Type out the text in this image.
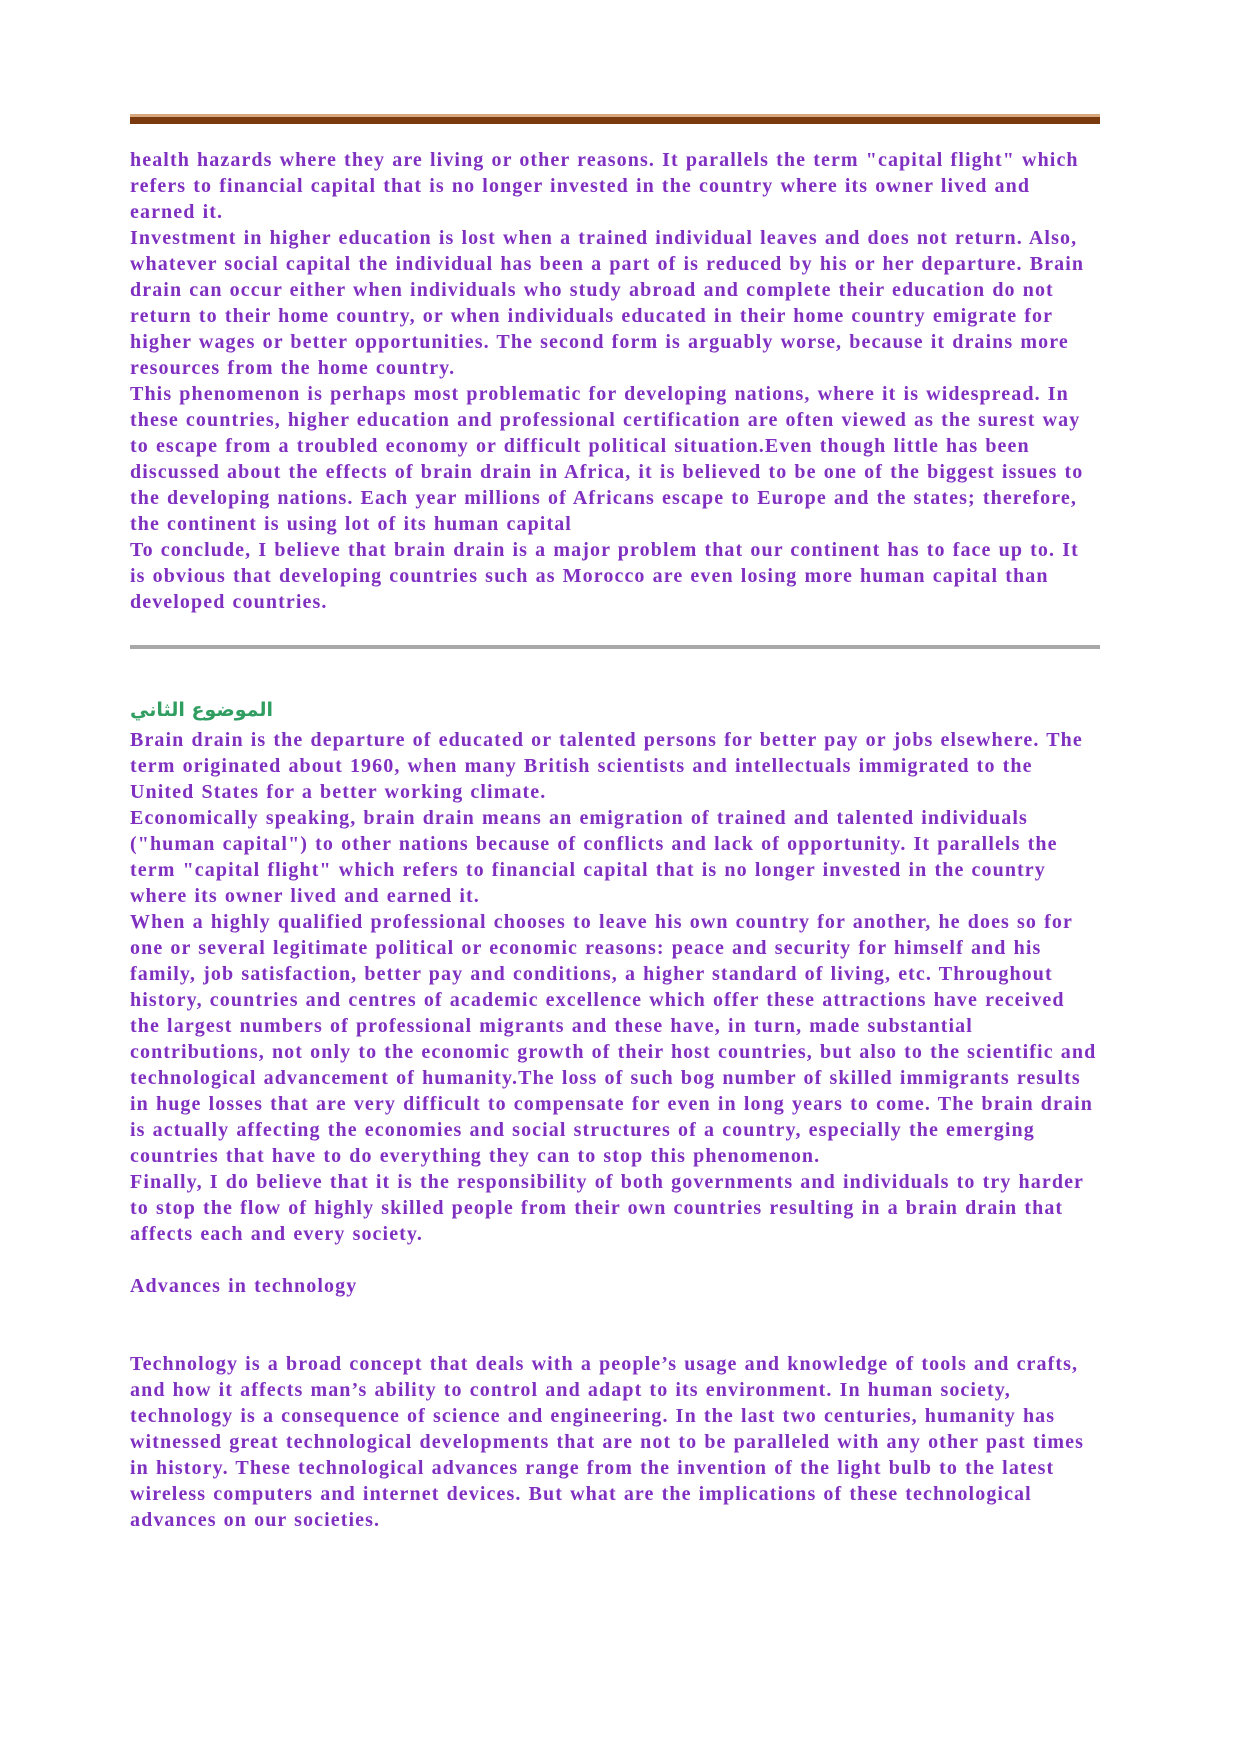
health hazards where they are living or other reasons. It parallels the term "capital flight" which refers to financial capital that is no longer invested in the country where its owner lived and earned it.

Investment in higher education is lost when a trained individual leaves and does not return. Also, whatever social capital the individual has been a part of is reduced by his or her departure. Brain drain can occur either when individuals who study abroad and complete their education do not return to their home country, or when individuals educated in their home country emigrate for higher wages or better opportunities. The second form is arguably worse, because it drains more resources from the home country.

This phenomenon is perhaps most problematic for developing nations, where it is widespread. In these countries, higher education and professional certification are often viewed as the surest way to escape from a troubled economy or difficult political situation.Even though little has been discussed about the effects of brain drain in Africa, it is believed to be one of the biggest issues to the developing nations. Each year millions of Africans escape to Europe and the states; therefore, the continent is using lot of its human capital

To conclude, I believe that brain drain is a major problem that our continent has to face up to. It is obvious that developing countries such as Morocco are even losing more human capital than developed countries.

الموضوع الثاني

Brain drain is the departure of educated or talented persons for better pay or jobs elsewhere. The term originated about 1960, when many British scientists and intellectuals immigrated to the United States for a better working climate.

Economically speaking, brain drain means an emigration of trained and talented individuals ("human capital") to other nations because of conflicts and lack of opportunity. It parallels the term "capital flight" which refers to financial capital that is no longer invested in the country where its owner lived and earned it.

When a highly qualified professional chooses to leave his own country for another, he does so for one or several legitimate political or economic reasons: peace and security for himself and his family, job satisfaction, better pay and conditions, a higher standard of living, etc. Throughout history, countries and centres of academic excellence which offer these attractions have received the largest numbers of professional migrants and these have, in turn, made substantial contributions, not only to the economic growth of their host countries, but also to the scientific and technological advancement of humanity.The loss of such bog number of skilled immigrants results in huge losses that are very difficult to compensate for even in long years to come. The brain drain is actually affecting the economies and social structures of a country, especially the emerging countries that have to do everything they can to stop this phenomenon.

Finally, I do believe that it is the responsibility of both governments and individuals to try harder to stop the flow of highly skilled people from their own countries resulting in a brain drain that affects each and every society.

Advances in technology

Technology is a broad concept that deals with a people’s usage and knowledge of tools and crafts, and how it affects man’s ability to control and adapt to its environment. In human society, technology is a consequence of science and engineering. In the last two centuries, humanity has witnessed great technological developments that are not to be paralleled with any other past times in history. These technological advances range from the invention of the light bulb to the latest wireless computers and internet devices. But what are the implications of these technological advances on our societies.
